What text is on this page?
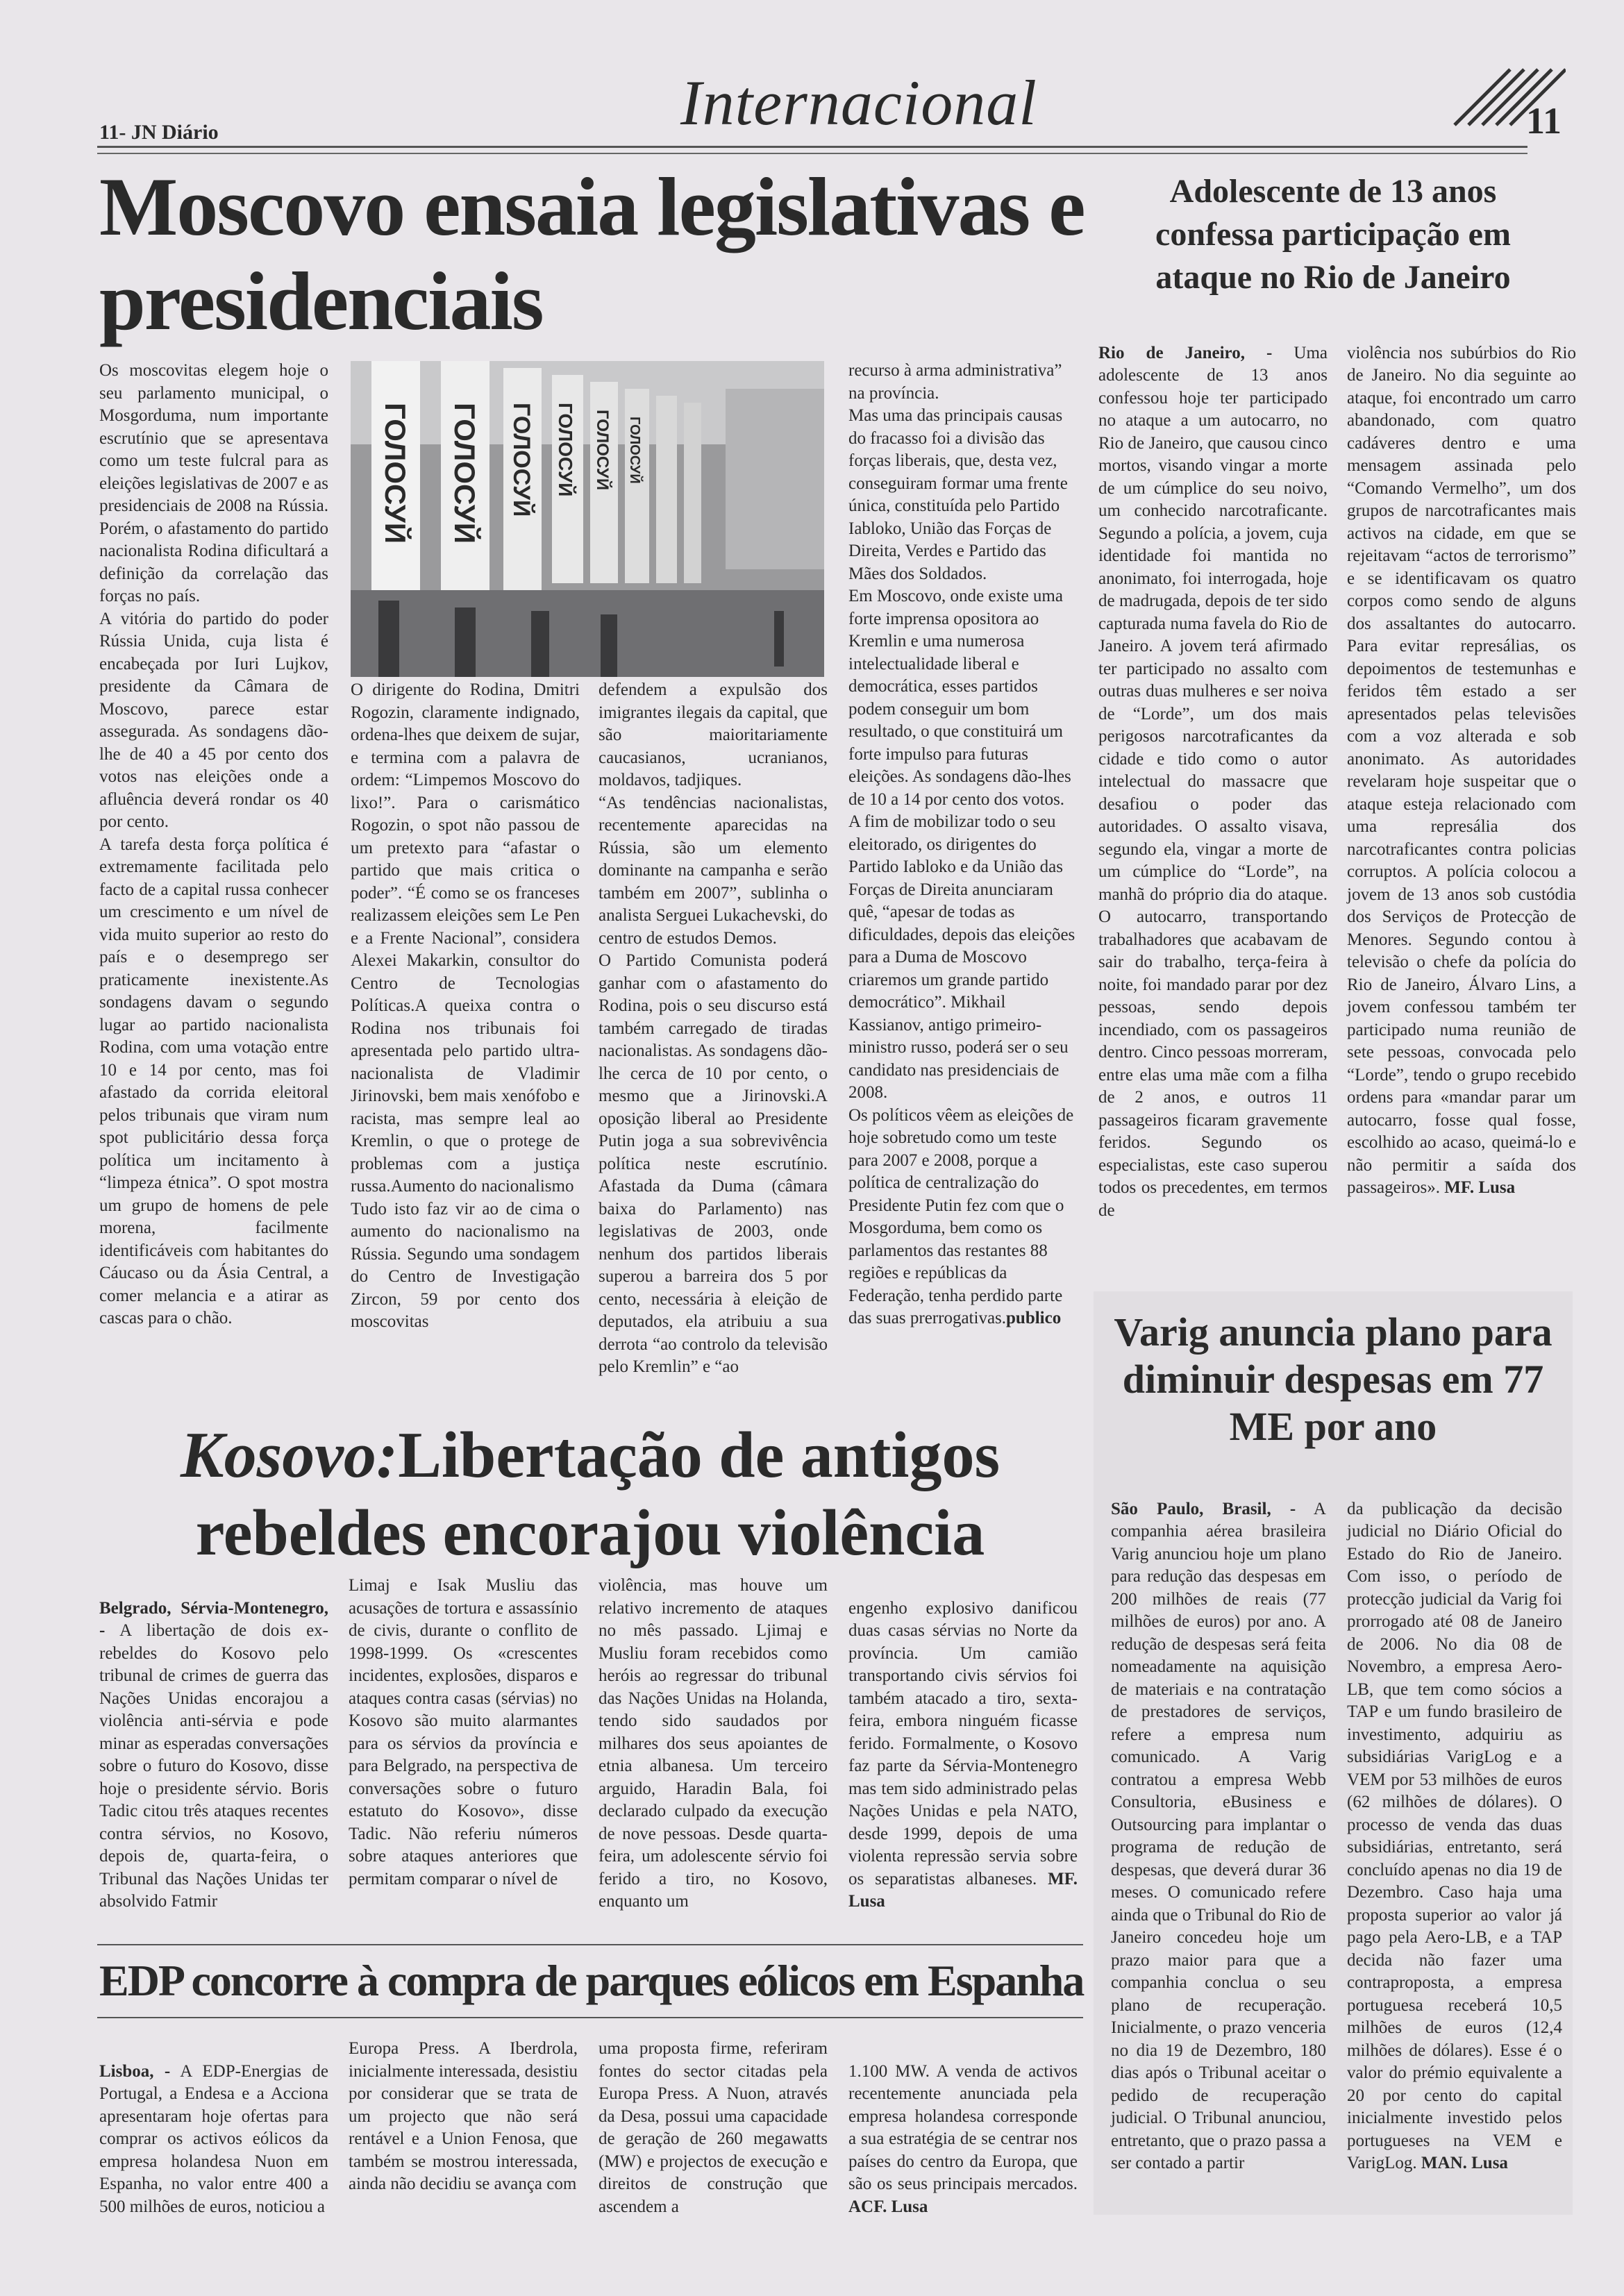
11- JN Diário	Internacional	11
Moscovo ensaia legislativas e presidenciais

Os moscovitas elegem hoje o seu parlamento municipal, o Mosgorduma, num importante escrutínio que se apresentava como um teste fulcral para as eleições legislativas de 2007 e as presidenciais de 2008 na Rússia. Porém, o afastamento do partido nacionalista Rodina dificultará a definição da correlação das forças no país.
A vitória do partido do poder Rússia Unida, cuja lista é encabeçada por Iuri Lujkov, presidente da Câmara de Moscovo, parece estar assegurada. As sondagens dão-lhe de 40 a 45 por cento dos votos nas eleições onde a afluência deverá rondar os 40 por cento.
A tarefa desta força política é extremamente facilitada pelo facto de a capital russa conhecer um crescimento e um nível de vida muito superior ao resto do país e o desemprego ser praticamente inexistente.As sondagens davam o segundo lugar ao partido nacionalista Rodina, com uma votação entre 10 e 14 por cento, mas foi afastado da corrida eleitoral pelos tribunais que viram num spot publicitário dessa força política um incitamento à “limpeza étnica”. O spot mostra um grupo de homens de pele morena, facilmente identificáveis com habitantes do Cáucaso ou da Ásia Central, a comer melancia e a atirar as cascas para o chão.

ГОЛОСУЙ ГОЛОСУЙ ГОЛОСУЙ ГОЛОСУЙ ГОЛОСУЙ ГОЛОСУЙ

O dirigente do Rodina, Dmitri Rogozin, claramente indignado, ordena-lhes que deixem de sujar, e termina com a palavra de ordem: “Limpemos Moscovo do lixo!”. Para o carismático Rogozin, o spot não passou de um pretexto para “afastar o partido que mais critica o poder”. “É como se os franceses realizassem eleições sem Le Pen e a Frente Nacional”, considera Alexei Makarkin, consultor do Centro de Tecnologias Políticas.A queixa contra o Rodina nos tribunais foi apresentada pelo partido ultra-nacionalista de Vladimir Jirinovski, bem mais xenófobo e racista, mas sempre leal ao Kremlin, o que o protege de problemas com a justiça russa.Aumento do nacionalismo
Tudo isto faz vir ao de cima o aumento do nacionalismo na Rússia. Segundo uma sondagem do Centro de Investigação Zircon, 59 por cento dos moscovitas

defendem a expulsão dos imigrantes ilegais da capital, que são maioritariamente caucasianos, ucranianos, moldavos, tadjiques.
“As tendências nacionalistas, recentemente aparecidas na Rússia, são um elemento dominante na campanha e serão também em 2007”, sublinha o analista Serguei Lukachevski, do centro de estudos Demos.
O Partido Comunista poderá ganhar com o afastamento do Rodina, pois o seu discurso está também carregado de tiradas nacionalistas. As sondagens dão-lhe cerca de 10 por cento, o mesmo que a Jirinovski.A oposição liberal ao Presidente Putin joga a sua sobrevivência política neste escrutínio. Afastada da Duma (câmara baixa do Parlamento) nas legislativas de 2003, onde nenhum dos partidos liberais superou a barreira dos 5 por cento, necessária à eleição de deputados, ela atribuiu a sua derrota “ao controlo da televisão pelo Kremlin” e “ao

recurso à arma administrativa” na província.
Mas uma das principais causas do fracasso foi a divisão das forças liberais, que, desta vez, conseguiram formar uma frente única, constituída pelo Partido Iabloko, União das Forças de Direita, Verdes e Partido das Mães dos Soldados.
Em Moscovo, onde existe uma forte imprensa opositora ao Kremlin e uma numerosa intelectualidade liberal e democrática, esses partidos podem conseguir um bom resultado, o que constituirá um forte impulso para futuras eleições. As sondagens dão-lhes de 10 a 14 por cento dos votos.
A fim de mobilizar todo o seu eleitorado, os dirigentes do Partido Iabloko e da União das Forças de Direita anunciaram quê, “apesar de todas as dificuldades, depois das eleições para a Duma de Moscovo criaremos um grande partido democrático”. Mikhail Kassianov, antigo primeiro-ministro russo, poderá ser o seu candidato nas presidenciais de 2008.
Os políticos vêem as eleições de hoje sobretudo como um teste para 2007 e 2008, porque a política de centralização do Presidente Putin fez com que o Mosgorduma, bem como os parlamentos das restantes 88 regiões e repúblicas da Federação, tenha perdido parte das suas prerrogativas.

publico
Adolescente de 13 anos confessa participação em ataque no Rio de Janeiro

Rio de Janeiro, - Uma adolescente de 13 anos confessou hoje ter participado no ataque a um autocarro, no Rio de Janeiro, que causou cinco mortos, visando vingar a morte de um cúmplice do seu noivo, um conhecido narcotraficante. Segundo a polícia, a jovem, cuja identidade foi mantida no anonimato, foi interrogada, hoje de madrugada, depois de ter sido capturada numa favela do Rio de Janeiro. A jovem terá afirmado ter participado no assalto com outras duas mulheres e ser noiva de “Lorde”, um dos mais perigosos narcotraficantes da cidade e tido como o autor intelectual do massacre que desafiou o poder das autoridades. O assalto visava, segundo ela, vingar a morte de um cúmplice do “Lorde”, na manhã do próprio dia do ataque. O autocarro, transportando trabalhadores que acabavam de sair do trabalho, terça-feira à noite, foi mandado parar por dez pessoas, sendo depois incendiado, com os passageiros dentro. Cinco pessoas morreram, entre elas uma mãe com a filha de 2 anos, e outros 11 passageiros ficaram gravemente feridos. Segundo os especialistas, este caso superou todos os precedentes, em termos de

violência nos subúrbios do Rio de Janeiro. No dia seguinte ao ataque, foi encontrado um carro abandonado, com quatro cadáveres dentro e uma mensagem assinada pelo “Comando Vermelho”, um dos grupos de narcotraficantes mais activos na cidade, em que se rejeitavam “actos de terrorismo” e se identificavam os quatro corpos como sendo de alguns dos assaltantes do autocarro. Para evitar represálias, os depoimentos de testemunhas e feridos têm estado a ser apresentados pelas televisões com a voz alterada e sob anonimato. As autoridades revelaram hoje suspeitar que o ataque esteja relacionado com uma represália dos narcotraficantes contra policias corruptos. A polícia colocou a jovem de 13 anos sob custódia dos Serviços de Protecção de Menores. Segundo contou à televisão o chefe da polícia do Rio de Janeiro, Álvaro Lins, a jovem confessou também ter participado numa reunião de sete pessoas, convocada pelo “Lorde”, tendo o grupo recebido ordens para «mandar parar um autocarro, fosse qual fosse, escolhido ao acaso, queimá-lo e não permitir a saída dos passageiros». MF. Lusa

Varig anuncia plano para diminuir despesas em 77 ME por ano

São Paulo, Brasil, - A companhia aérea brasileira Varig anunciou hoje um plano para redução das despesas em 200 milhões de reais (77 milhões de euros) por ano. A redução de despesas será feita nomeadamente na aquisição de materiais e na contratação de prestadores de serviços, refere a empresa num comunicado. A Varig contratou a empresa Webb Consultoria, eBusiness e Outsourcing para implantar o programa de redução de despesas, que deverá durar 36 meses. O comunicado refere ainda que o Tribunal do Rio de Janeiro concedeu hoje um prazo maior para que a companhia conclua o seu plano de recuperação. Inicialmente, o prazo venceria no dia 19 de Dezembro, 180 dias após o Tribunal aceitar o pedido de recuperação judicial. O Tribunal anunciou, entretanto, que o prazo passa a ser contado a partir

da publicação da decisão judicial no Diário Oficial do Estado do Rio de Janeiro. Com isso, o período de protecção judicial da Varig foi prorrogado até 08 de Janeiro de 2006. No dia 08 de Novembro, a empresa Aero-LB, que tem como sócios a TAP e um fundo brasileiro de investimento, adquiriu as subsidiárias VarigLog e a VEM por 53 milhões de euros (62 milhões de dólares). O processo de venda das duas subsidiárias, entretanto, será concluído apenas no dia 19 de Dezembro. Caso haja uma proposta superior ao valor já pago pela Aero-LB, e a TAP decida não fazer uma contraproposta, a empresa portuguesa receberá 10,5 milhões de euros (12,4 milhões de dólares). Esse é o valor do prémio equivalente a 20 por cento do capital inicialmente investido pelos portugueses na VEM e VarigLog. MAN. Lusa

Kosovo:Libertação de antigos rebeldes encorajou violência

Belgrado, Sérvia-Montenegro, - A libertação de dois ex-rebeldes do Kosovo pelo tribunal de crimes de guerra das Nações Unidas encorajou a violência anti-sérvia e pode minar as esperadas conversações sobre o futuro do Kosovo, disse hoje o presidente sérvio. Boris Tadic citou três ataques recentes contra sérvios, no Kosovo, depois de, quarta-feira, o Tribunal das Nações Unidas ter absolvido Fatmir

Limaj e Isak Musliu das acusações de tortura e assassínio de civis, durante o conflito de 1998-1999. Os «crescentes incidentes, explosões, disparos e ataques contra casas (sérvias) no Kosovo são muito alarmantes para os sérvios da província e para Belgrado, na perspectiva de conversações sobre o futuro estatuto do Kosovo», disse Tadic. Não referiu números sobre ataques anteriores que permitam comparar o nível de

violência, mas houve um relativo incremento de ataques no mês passado. Ljimaj e Musliu foram recebidos como heróis ao regressar do tribunal das Nações Unidas na Holanda, tendo sido saudados por milhares dos seus apoiantes de etnia albanesa. Um terceiro arguido, Haradin Bala, foi declarado culpado da execução de nove pessoas. Desde quarta-feira, um adolescente sérvio foi ferido a tiro, no Kosovo, enquanto um

engenho explosivo danificou duas casas sérvias no Norte da província. Um camião transportando civis sérvios foi também atacado a tiro, sexta-feira, embora ninguém ficasse ferido. Formalmente, o Kosovo faz parte da Sérvia-Montenegro mas tem sido administrado pelas Nações Unidas e pela NATO, desde 1999, depois de uma violenta repressão servia sobre os separatistas albaneses. MF. Lusa

EDP concorre à compra de parques eólicos em Espanha

Lisboa, - A EDP-Energias de Portugal, a Endesa e a Acciona apresentaram hoje ofertas para comprar os activos eólicos da empresa holandesa Nuon em Espanha, no valor entre 400 a 500 milhões de euros, noticiou a

Europa Press. A Iberdrola, inicialmente interessada, desistiu por considerar que se trata de um projecto que não será rentável e a Union Fenosa, que também se mostrou interessada, ainda não decidiu se avança com

uma proposta firme, referiram fontes do sector citadas pela Europa Press. A Nuon, através da Desa, possui uma capacidade de geração de 260 megawatts (MW) e projectos de execução e direitos de construção que ascendem a

1.100 MW. A venda de activos recentemente anunciada pela empresa holandesa corresponde a sua estratégia de se centrar nos países do centro da Europa, que são os seus principais mercados. ACF. Lusa
